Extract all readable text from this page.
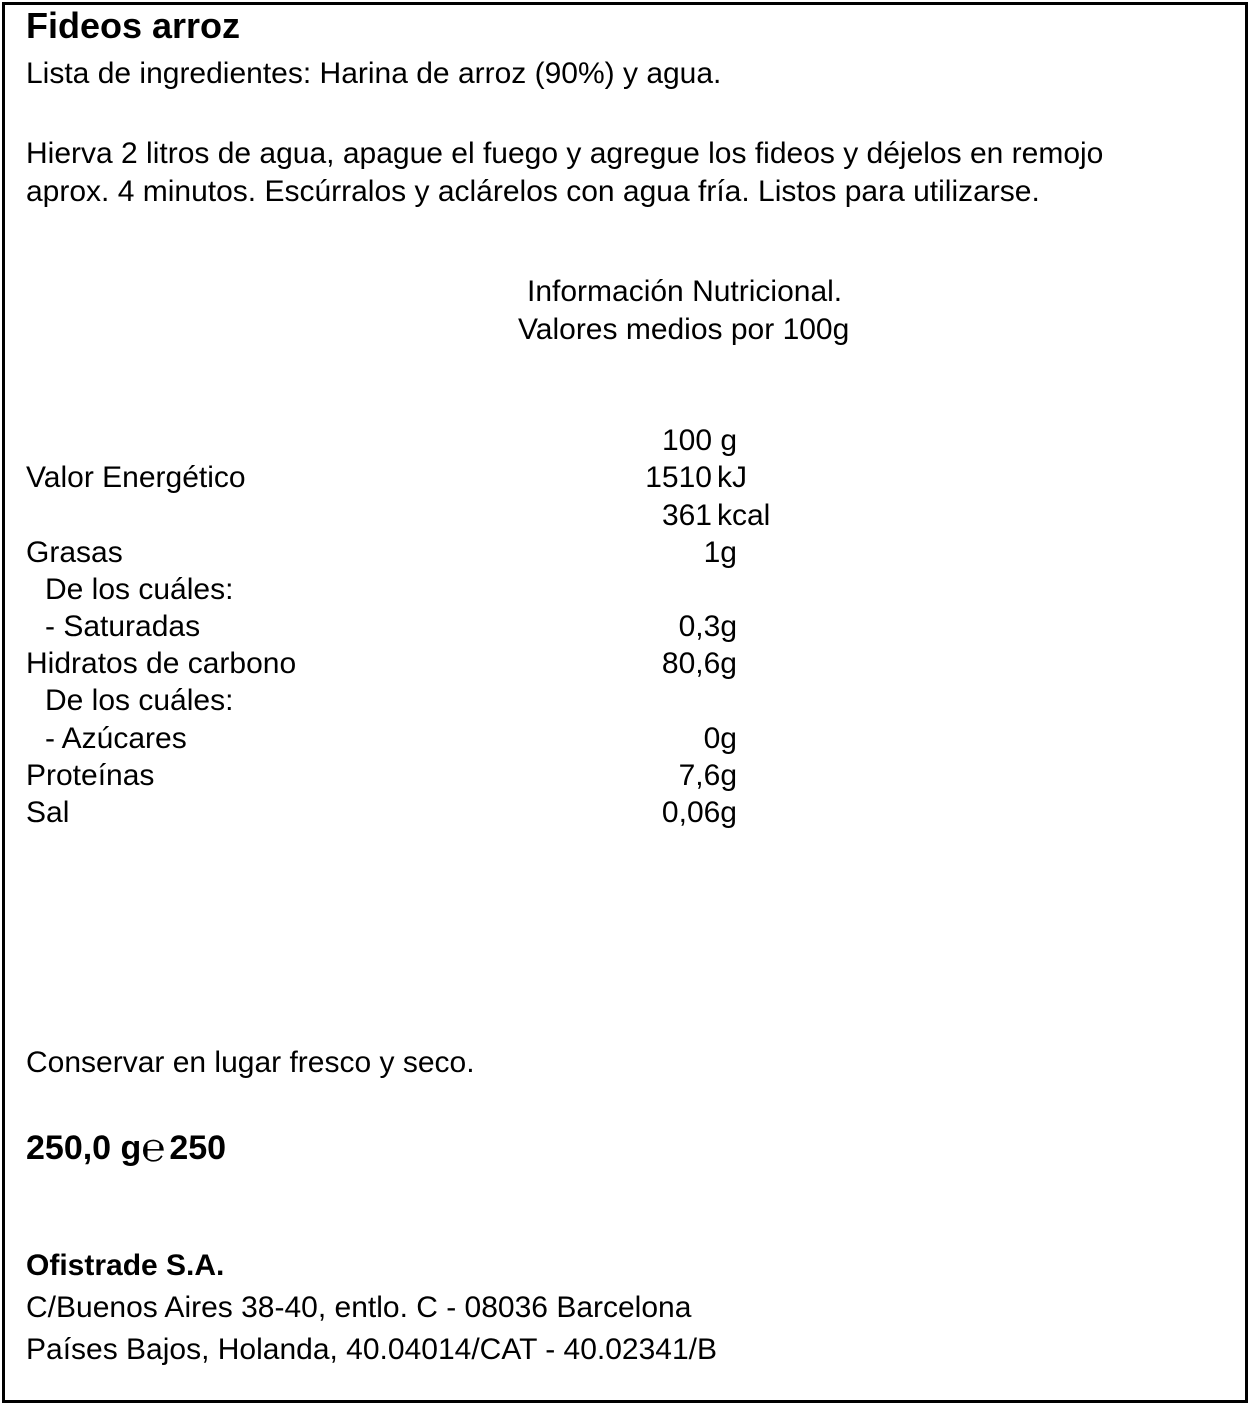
Fideos arroz
Lista de ingredientes: Harina de arroz (90%) y agua.
Hierva 2 litros de agua, apague el fuego y agregue los fideos y déjelos en remojo
aprox. 4 minutos. Escúrralos y aclárelos con agua fría. Listos para utilizarse.
Información Nutricional.
Valores medios por 100g
100 g
Valor Energético	1510 kJ
361 kcal
Grasas	1g
De los cuáles:
- Saturadas	0,3g
Hidratos de carbono	80,6g
De los cuáles:
- Azúcares	0g
Proteínas	7,6g
Sal	0,06g
Conservar en lugar fresco y seco.
250,0 g℮ 250
Ofistrade S.A.
C/Buenos Aires 38-40, entlo. C - 08036 Barcelona
Países Bajos, Holanda, 40.04014/CAT - 40.02341/B
